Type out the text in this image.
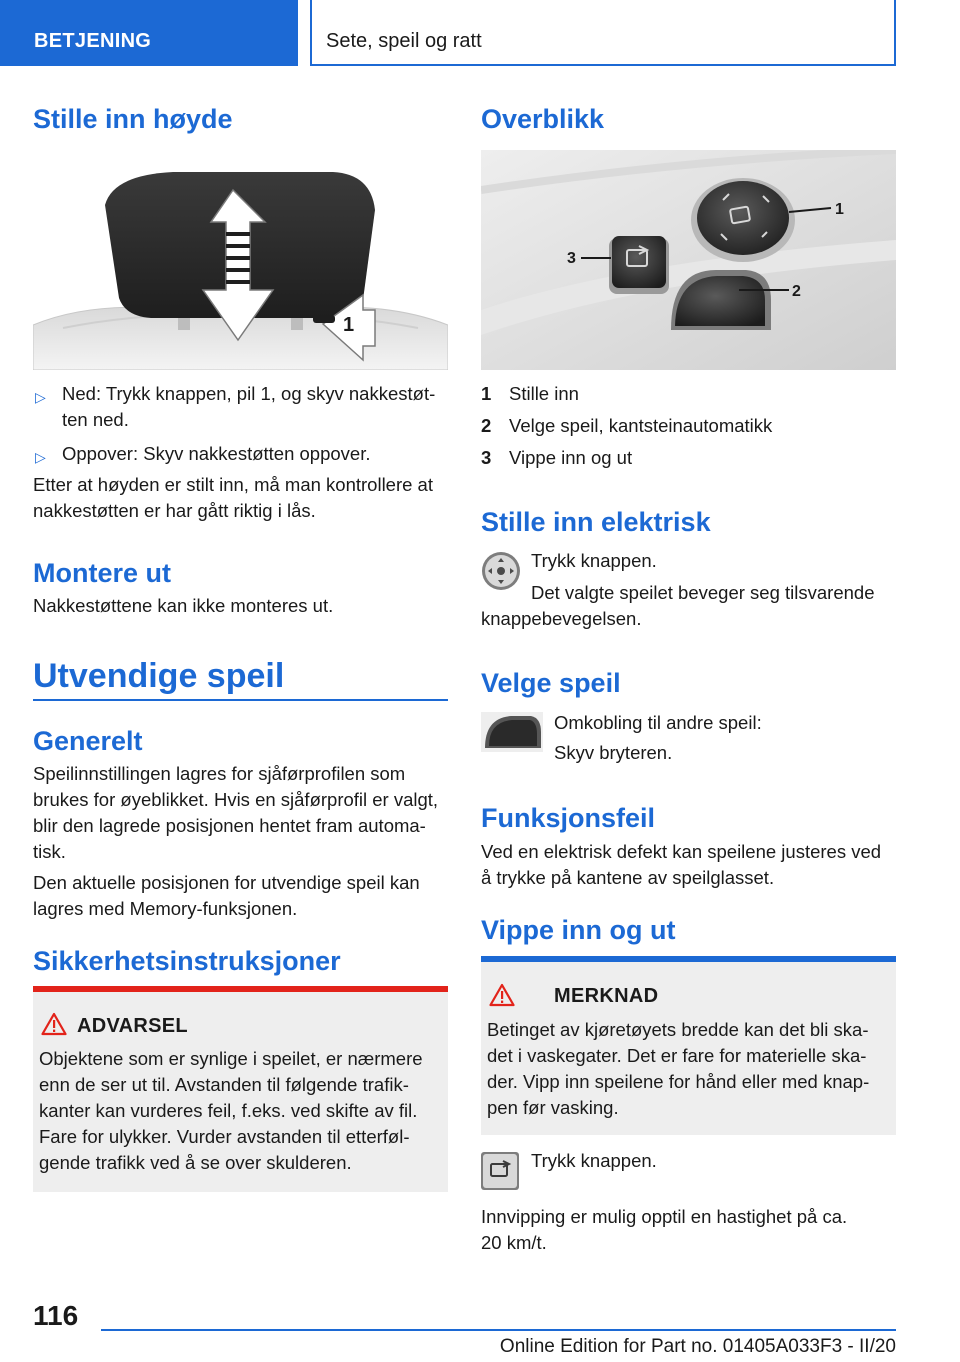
BETJENING	Sete, speil og ratt
Stille inn høyde
1
▷ Ned: Trykk knappen, pil 1, og skyv nakkestøt‐ten ned.
▷ Oppover: Skyv nakkestøtten oppover.

Etter at høyden er stilt inn, må man kontrollere at nakkestøtten er har gått riktig i lås.

Montere ut

Nakkestøttene kan ikke monteres ut.

Utvendige speil
Generelt

Speilinnstillingen lagres for sjåførprofilen som brukes for øyeblikket. Hvis en sjåførprofil er valgt, blir den lagrede posisjonen hentet fram automa‐tisk.

Den aktuelle posisjonen for utvendige speil kan lagres med Memory-funksjonen.

Sikkerhetsinstruksjoner
ADVARSEL

Objektene som er synlige i speilet, er nærmere enn de ser ut til. Avstanden til følgende trafik‐kanter kan vurderes feil, f.eks. ved skifte av fil. Fare for ulykker. Vurder avstanden til etterføl‐gende trafikk ved å se over skulderen.

Overblikk
1
2
3
1 Stille inn
2 Velge speil, kantsteinautomatikk
3 Vippe inn og ut
Stille inn elektrisk

Trykk knappen.

Det valgte speilet beveger seg tilsvarende knappebevegelsen.

Velge speil

Omkobling til andre speil:

Skyv bryteren.

Funksjonsfeil

Ved en elektrisk defekt kan speilene justeres ved å trykke på kantene av speilglasset.

Vippe inn og ut
MERKNAD

Betinget av kjøretøyets bredde kan det bli ska‐det i vaskegater. Det er fare for materielle ska‐der. Vipp inn speilene for hånd eller med knap‐pen før vasking.

Trykk knappen.

Innvipping er mulig opptil en hastighet på ca. 20 km/t.

116
Online Edition for Part no. 01405A033F3 - II/20
